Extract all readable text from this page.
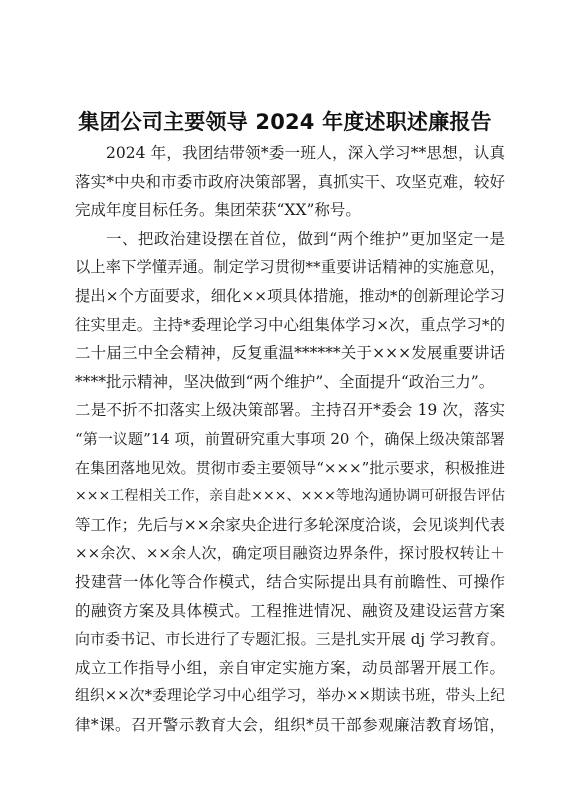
集团公司主要领导 2024 年度述职述廉报告
2024 年，我团结带领*委一班人，深入学习**思想，认真
落实*中央和市委市政府决策部署，真抓实干、攻坚克难，较好
完成年度目标任务。集团荣获“XX”称号。
一、把政治建设摆在首位，做到“两个维护”更加坚定一是
以上率下学懂弄通。制定学习贯彻**重要讲话精神的实施意见，
提出×个方面要求，细化××项具体措施，推动*的创新理论学习
往实里走。主持*委理论学习中心组集体学习×次，重点学习*的
二十届三中全会精神，反复重温******关于×××发展重要讲话
****批示精神，坚决做到“两个维护”、全面提升“政治三力”。
二是不折不扣落实上级决策部署。主持召开*委会 19 次，落实
“第一议题”14 项，前置研究重大事项 20 个，确保上级决策部署
在集团落地见效。贯彻市委主要领导“×××”批示要求，积极推进
×××工程相关工作，亲自赴×××、×××等地沟通协调可研报告评估
等工作；先后与××余家央企进行多轮深度洽谈，会见谈判代表
××余次、××余人次，确定项目融资边界条件，探讨股权转让＋
投建营一体化等合作模式，结合实际提出具有前瞻性、可操作
的融资方案及具体模式。工程推进情况、融资及建设运营方案
向市委书记、市长进行了专题汇报。三是扎实开展 dj 学习教育。
成立工作指导小组，亲自审定实施方案，动员部署开展工作。
组织××次*委理论学习中心组学习，举办××期读书班，带头上纪
律*课。召开警示教育大会，组织*员干部参观廉洁教育场馆，
